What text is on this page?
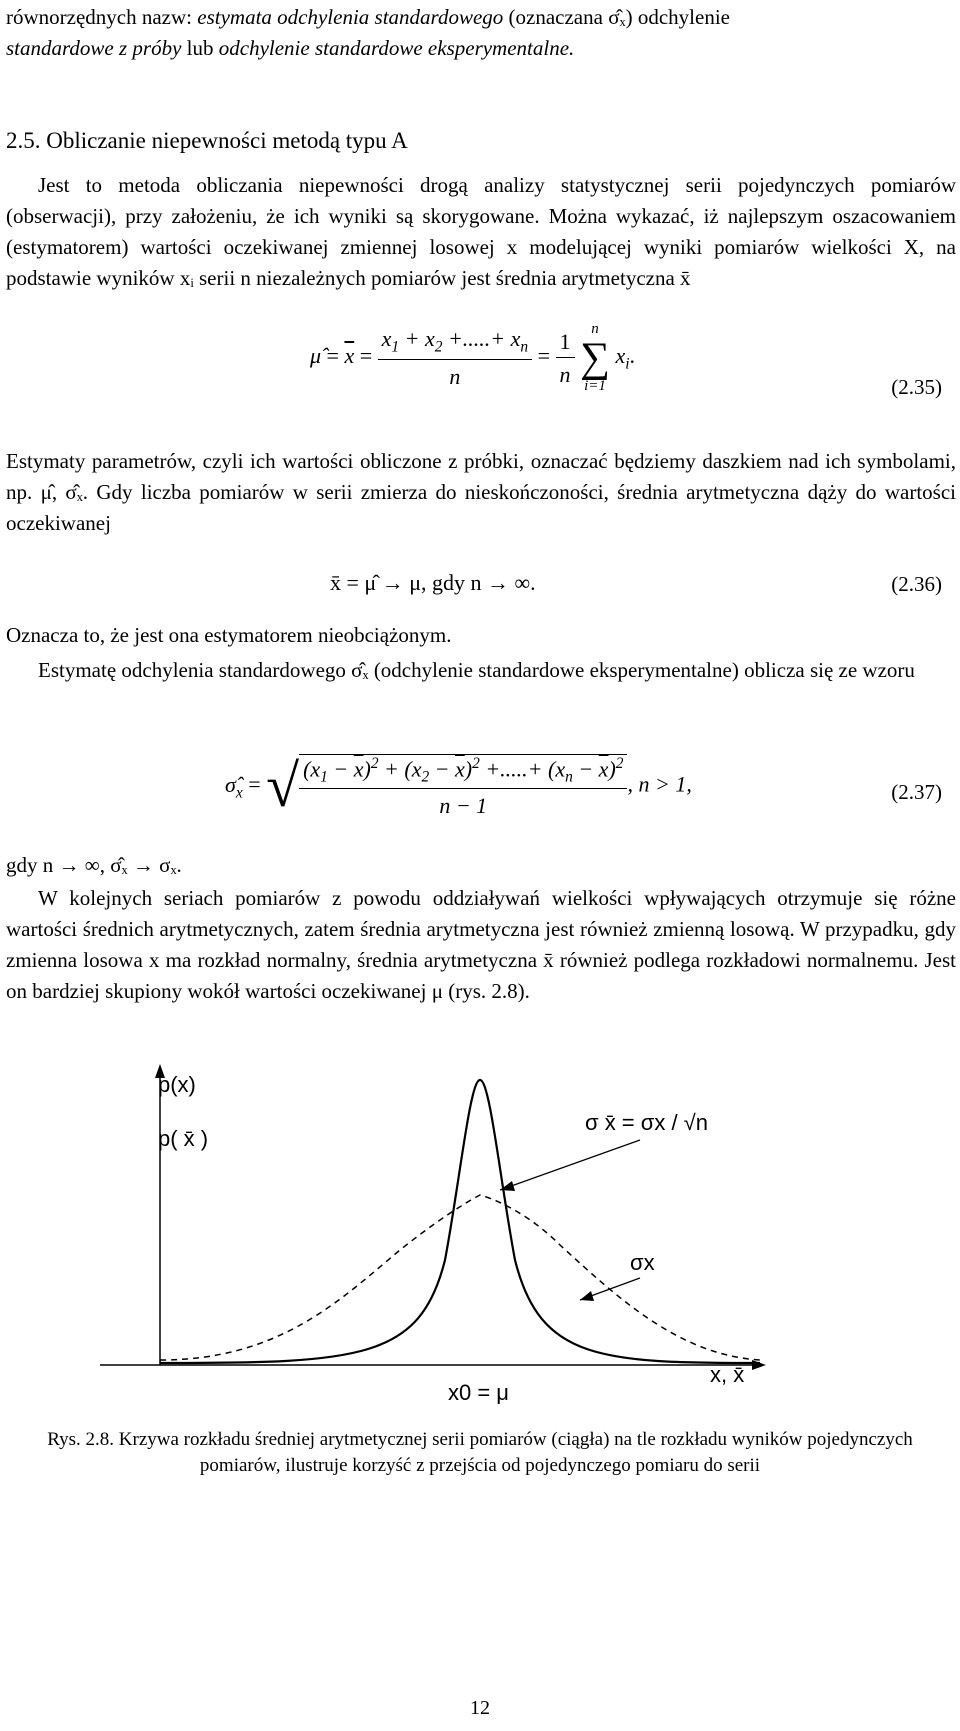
równorzędnych nazw: estymata odchylenia standardowego (oznaczana σ̂ₓ) odchylenie
standardowe z próby lub odchylenie standardowe eksperymentalne.

2.5. Obliczanie niepewności metodą typu A

Jest to metoda obliczania niepewności drogą analizy statystycznej serii pojedynczych pomiarów (obserwacji), przy założeniu, że ich wyniki są skorygowane. Można wykazać, iż najlepszym oszacowaniem (estymatorem) wartości oczekiwanej zmiennej losowej x modelującej wyniki pomiarów wielkości X, na podstawie wyników xᵢ serii n niezależnych pomiarów jest średnia arytmetyczna x̄

μ̂ = $\overline{x} = \frac{x_1 + x_2 +.....+ x_n}{n} = \frac{1}{n}$
	n
∑
i=1
$x_i$.
(2.35)

Estymaty parametrów, czyli ich wartości obliczone z próbki, oznaczać będziemy daszkiem nad ich symbolami, np. μ̂, σ̂ₓ. Gdy liczba pomiarów w serii zmierza do nieskończoności, średnia arytmetyczna dąży do wartości oczekiwanej

x̄ = μ̂ → μ, gdy n → ∞.	(2.36)

Oznacza to, że jest ona estymatorem nieobciążonym.

Estymatę odchylenia standardowego σ̂ₓ (odchylenie standardowe eksperymentalne) oblicza się ze wzoru

$\sigmâ_x$ = √ $\frac{(x_1 - \overline{x})^2 + (x_2 - \overline{x})^2 +.....+ (x_n - \overline{x})^2}{n - 1}$ , n > 1,	(2.37)

gdy n → ∞, σ̂ₓ → σₓ.

W kolejnych seriach pomiarów z powodu oddziaływań wielkości wpływających otrzymuje się różne wartości średnich arytmetycznych, zatem średnia arytmetyczna jest również zmienną losową. W przypadku, gdy zmienna losowa x ma rozkład normalny, średnia arytmetyczna x̄ również podlega rozkładowi normalnemu. Jest on bardziej skupiony wokół wartości oczekiwanej μ (rys. 2.8).

p(x)
p( x̄ )
σ x̄ = σx / √n
σx
x0 = μ
x, x̄

Rys. 2.8. Krzywa rozkładu średniej arytmetycznej serii pomiarów (ciągła) na tle rozkładu wyników pojedynczych pomiarów, ilustruje korzyść z przejścia od pojedynczego pomiaru do serii

12
